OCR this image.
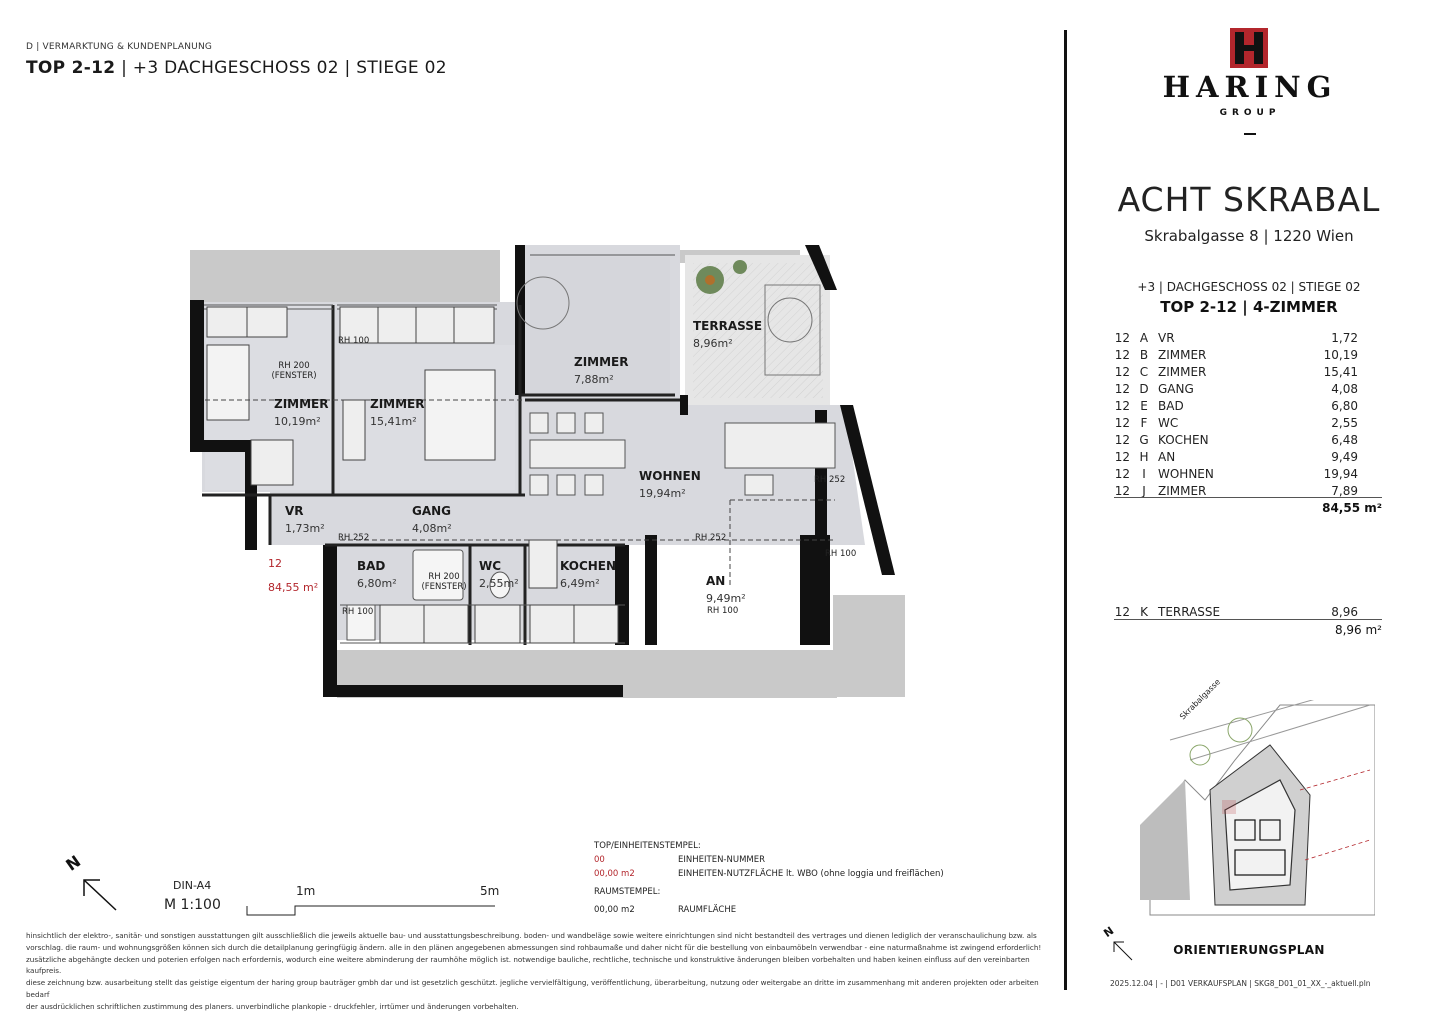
D | VERMARKTUNG & KUNDENPLANUNG
TOP 2-12 | +3 DACHGESCHOSS 02 | STIEGE 02
ZIMMER
10,19m²
ZIMMER
15,41m²
ZIMMER
7,88m²
TERRASSE
8,96m²
VR
1,73m²
GANG
4,08m²
WOHNEN
19,94m²
BAD
6,80m²
WC
2,55m²
KOCHEN
6,49m²	AN
9,49m²
RH 100
RH 200
(FENSTER)
RH 252
RH 200
(FENSTER)
RH 100
RH 252
RH 252
RH 100
RH 100
12
84,55 m²
N
DIN-A4
M 1:100
1m	5m
TOP/EINHEITENSTEMPEL:
00	EINHEITEN-NUMMER
00,00 m2	EINHEITEN-NUTZFLÄCHE lt. WBO (ohne loggia und freiflächen)
RAUMSTEMPEL:
00,00 m2	RAUMFLÄCHE
hinsichtlich der elektro-, sanitär- und sonstigen ausstattungen gilt ausschließlich die jeweils aktuelle bau- und ausstattungsbeschreibung. boden- und wandbeläge sowie weitere einrichtungen sind nicht bestandteil des vertrages und dienen lediglich der veranschaulichung bzw. als
vorschlag. die raum- und wohnungsgrößen können sich durch die detailplanung geringfügig ändern. alle in den plänen angegebenen abmessungen sind rohbaumaße und daher nicht für die bestellung von einbaumöbeln verwendbar - eine naturmaßnahme ist zwingend erforderlich!
zusätzliche abgehängte decken und poterien erfolgen nach erfordernis, wodurch eine weitere abminderung der raumhöhe möglich ist. notwendige bauliche, rechtliche, technische und konstruktive änderungen bleiben vorbehalten und haben keinen einfluss auf den vereinbarten kaufpreis.
diese zeichnung bzw. ausarbeitung stellt das geistige eigentum der haring group bauträger gmbh dar und ist gesetzlich geschützt. jegliche vervielfältigung, veröffentlichung, überarbeitung, nutzung oder weitergabe an dritte im zusammenhang mit anderen projekten oder arbeiten bedarf
der ausdrücklichen schriftlichen zustimmung des planers. unverbindliche plankopie - druckfehler, irrtümer und änderungen vorbehalten.
HARING
GROUP
ACHT SKRABAL
Skrabalgasse 8 | 1220 Wien
+3 | DACHGESCHOSS 02 | STIEGE 02
TOP 2-12 | 4-ZIMMER
12	A	VR	1,72
12	B	ZIMMER	10,19
12	C	ZIMMER	15,41
12	D	GANG	4,08
12	E	BAD	6,80
12	F	WC	2,55
12	G	KOCHEN	6,48
12	H	AN	9,49
12	I	WOHNEN	19,94
12	J	ZIMMER	7,89
84,55 m²
12	K	TERRASSE	8,96
8,96 m²
Skrabalgasse
N
ORIENTIERUNGSPLAN
2025.12.04 | - | D01 VERKAUFSPLAN | SKG8_D01_01_XX_-_aktuell.pln
